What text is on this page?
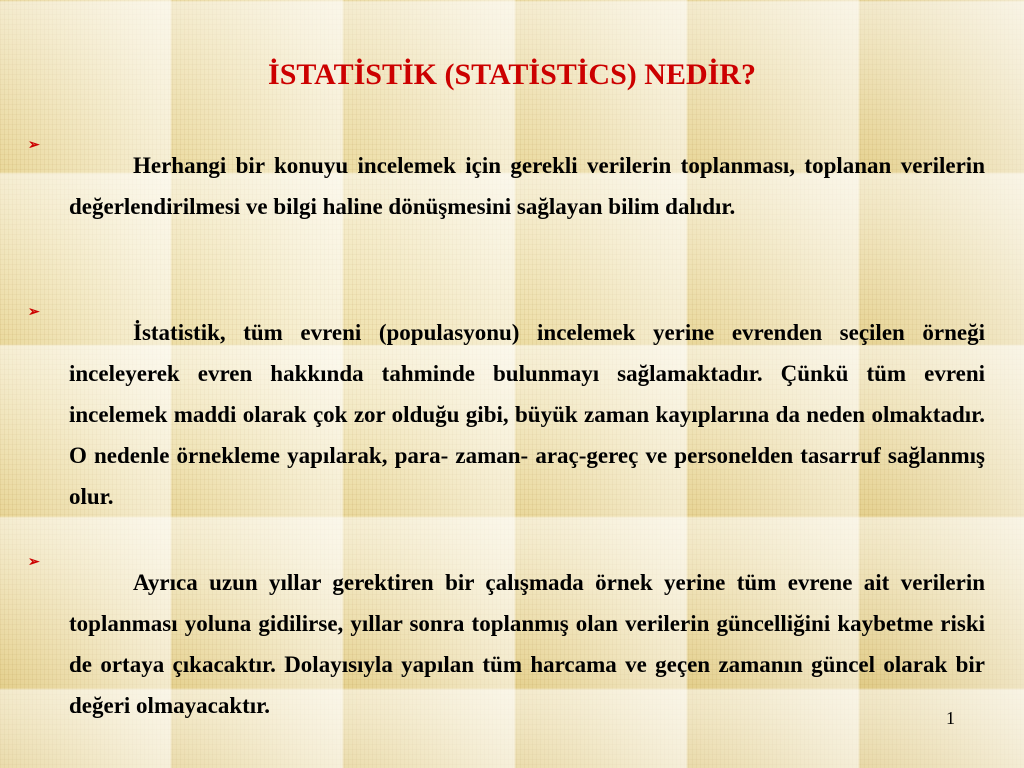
İSTATİSTİK (STATİSTİCS) NEDİR?
➢

Herhangi bir konuyu incelemek için gerekli verilerin toplanması, toplanan verilerin değerlendirilmesi ve bilgi haline dönüşmesini sağlayan bilim dalıdır.

➢

İstatistik, tüm evreni (populasyonu) incelemek yerine evrenden seçilen örneği inceleyerek evren hakkında tahminde bulunmayı sağlamaktadır. Çünkü tüm evreni incelemek maddi olarak çok zor olduğu gibi, büyük zaman kayıplarına da neden olmaktadır. O nedenle örnekleme yapılarak, para- zaman- araç-gereç ve personelden tasarruf sağlanmış olur.

➢

Ayrıca uzun yıllar gerektiren bir çalışmada örnek yerine tüm evrene ait verilerin toplanması yoluna gidilirse, yıllar sonra toplanmış olan verilerin güncelliğini kaybetme riski de ortaya çıkacaktır. Dolayısıyla yapılan tüm harcama ve geçen zamanın güncel olarak bir değeri olmayacaktır.	1
